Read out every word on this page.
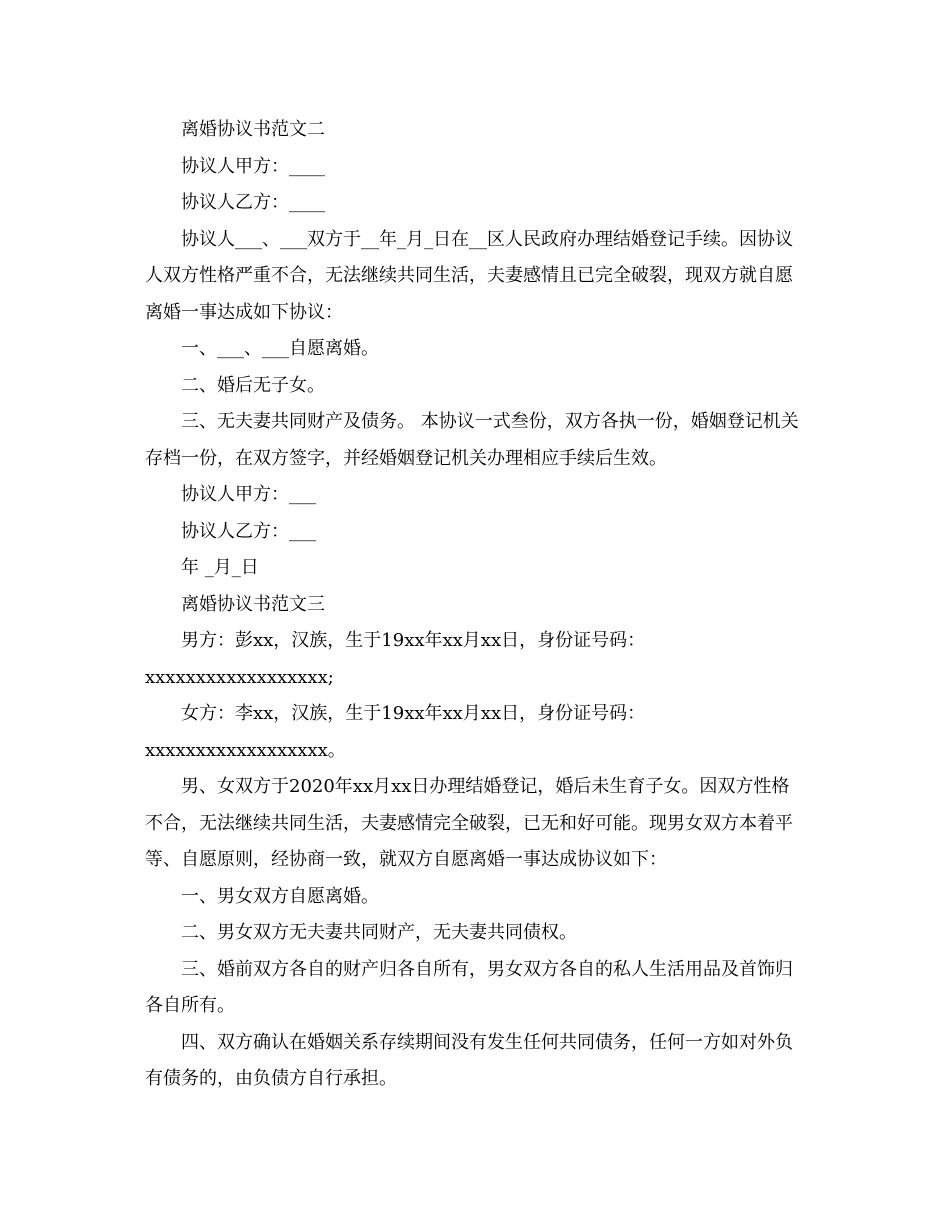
离婚协议书范文二

协议人甲方：____

协议人乙方：____

协议人___、___双方于__年_月_日在__区人民政府办理结婚登记手续。因协议人双方性格严重不合，无法继续共同生活，夫妻感情且已完全破裂，现双方就自愿离婚一事达成如下协议：

一、___、___自愿离婚。

二、婚后无子女。

三、无夫妻共同财产及债务。 本协议一式叁份，双方各执一份，婚姻登记机关存档一份，在双方签字，并经婚姻登记机关办理相应手续后生效。

协议人甲方：___

协议人乙方：___

年 _月_日

离婚协议书范文三

男方：彭xx，汉族，生于19xx年xx月xx日，身份证号码：

xxxxxxxxxxxxxxxxxx;

女方：李xx，汉族，生于19xx年xx月xx日，身份证号码：

xxxxxxxxxxxxxxxxxx。

男、女双方于2020年xx月xx日办理结婚登记，婚后未生育子女。因双方性格不合，无法继续共同生活，夫妻感情完全破裂，已无和好可能。现男女双方本着平等、自愿原则，经协商一致，就双方自愿离婚一事达成协议如下：

一、男女双方自愿离婚。

二、男女双方无夫妻共同财产，无夫妻共同债权。

三、婚前双方各自的财产归各自所有，男女双方各自的私人生活用品及首饰归各自所有。

四、双方确认在婚姻关系存续期间没有发生任何共同债务，任何一方如对外负有债务的，由负债方自行承担。
